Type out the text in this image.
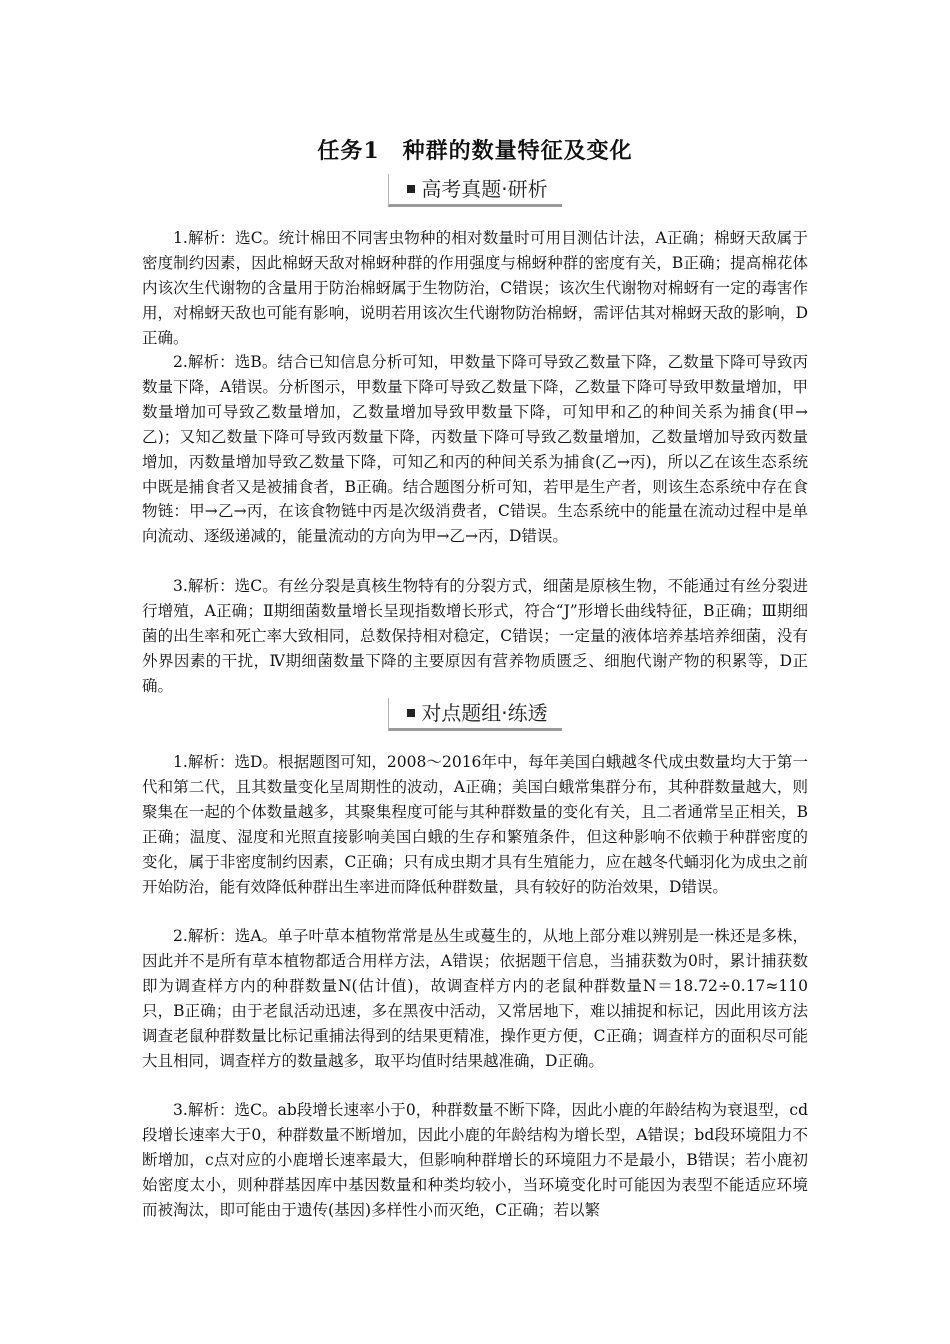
任务1　种群的数量特征及变化
高考真题·研析
1.解析：选C。统计棉田不同害虫物种的相对数量时可用目测估计法，A正确；棉蚜天敌属于密度制约因素，因此棉蚜天敌对棉蚜种群的作用强度与棉蚜种群的密度有关，B正确；提高棉花体内该次生代谢物的含量用于防治棉蚜属于生物防治，C错误；该次生代谢物对棉蚜有一定的毒害作用，对棉蚜天敌也可能有影响，说明若用该次生代谢物防治棉蚜，需评估其对棉蚜天敌的影响，D正确。
2.解析：选B。结合已知信息分析可知，甲数量下降可导致乙数量下降，乙数量下降可导致丙数量下降，A错误。分析图示，甲数量下降可导致乙数量下降，乙数量下降可导致甲数量增加，甲数量增加可导致乙数量增加，乙数量增加导致甲数量下降，可知甲和乙的种间关系为捕食(甲→乙)；又知乙数量下降可导致丙数量下降，丙数量下降可导致乙数量增加，乙数量增加导致丙数量增加，丙数量增加导致乙数量下降，可知乙和丙的种间关系为捕食(乙→丙)，所以乙在该生态系统中既是捕食者又是被捕食者，B正确。结合题图分析可知，若甲是生产者，则该生态系统中存在食物链：甲→乙→丙，在该食物链中丙是次级消费者，C错误。生态系统中的能量在流动过程中是单向流动、逐级递减的，能量流动的方向为甲→乙→丙，D错误。
3.解析：选C。有丝分裂是真核生物特有的分裂方式，细菌是原核生物，不能通过有丝分裂进行增殖，A正确；Ⅱ期细菌数量增长呈现指数增长形式，符合“J”形增长曲线特征，B正确；Ⅲ期细菌的出生率和死亡率大致相同，总数保持相对稳定，C错误；一定量的液体培养基培养细菌，没有外界因素的干扰，Ⅳ期细菌数量下降的主要原因有营养物质匮乏、细胞代谢产物的积累等，D正确。
对点题组·练透
1.解析：选D。根据题图可知，2008～2016年中，每年美国白蛾越冬代成虫数量均大于第一代和第二代，且其数量变化呈周期性的波动，A正确；美国白蛾常集群分布，其种群数量越大，则聚集在一起的个体数量越多，其聚集程度可能与其种群数量的变化有关，且二者通常呈正相关，B正确；温度、湿度和光照直接影响美国白蛾的生存和繁殖条件，但这种影响不依赖于种群密度的变化，属于非密度制约因素，C正确；只有成虫期才具有生殖能力，应在越冬代蛹羽化为成虫之前开始防治，能有效降低种群出生率进而降低种群数量，具有较好的防治效果，D错误。
2.解析：选A。单子叶草本植物常常是丛生或蔓生的，从地上部分难以辨别是一株还是多株，因此并不是所有草本植物都适合用样方法，A错误；依据题干信息，当捕获数为0时，累计捕获数即为调查样方内的种群数量N(估计值)，故调查样方内的老鼠种群数量N＝18.72÷0.17≈110只，B正确；由于老鼠活动迅速，多在黑夜中活动，又常居地下，难以捕捉和标记，因此用该方法调查老鼠种群数量比标记重捕法得到的结果更精准，操作更方便，C正确；调查样方的面积尽可能大且相同，调查样方的数量越多，取平均值时结果越准确，D正确。
3.解析：选C。ab段增长速率小于0，种群数量不断下降，因此小鹿的年龄结构为衰退型，cd段增长速率大于0，种群数量不断增加，因此小鹿的年龄结构为增长型，A错误；bd段环境阻力不断增加，c点对应的小鹿增长速率最大，但影响种群增长的环境阻力不是最小，B错误；若小鹿初始密度太小，则种群基因库中基因数量和种类均较小，当环境变化时可能因为表型不能适应环境而被淘汰，即可能由于遗传(基因)多样性小而灭绝，C正确；若以繁
